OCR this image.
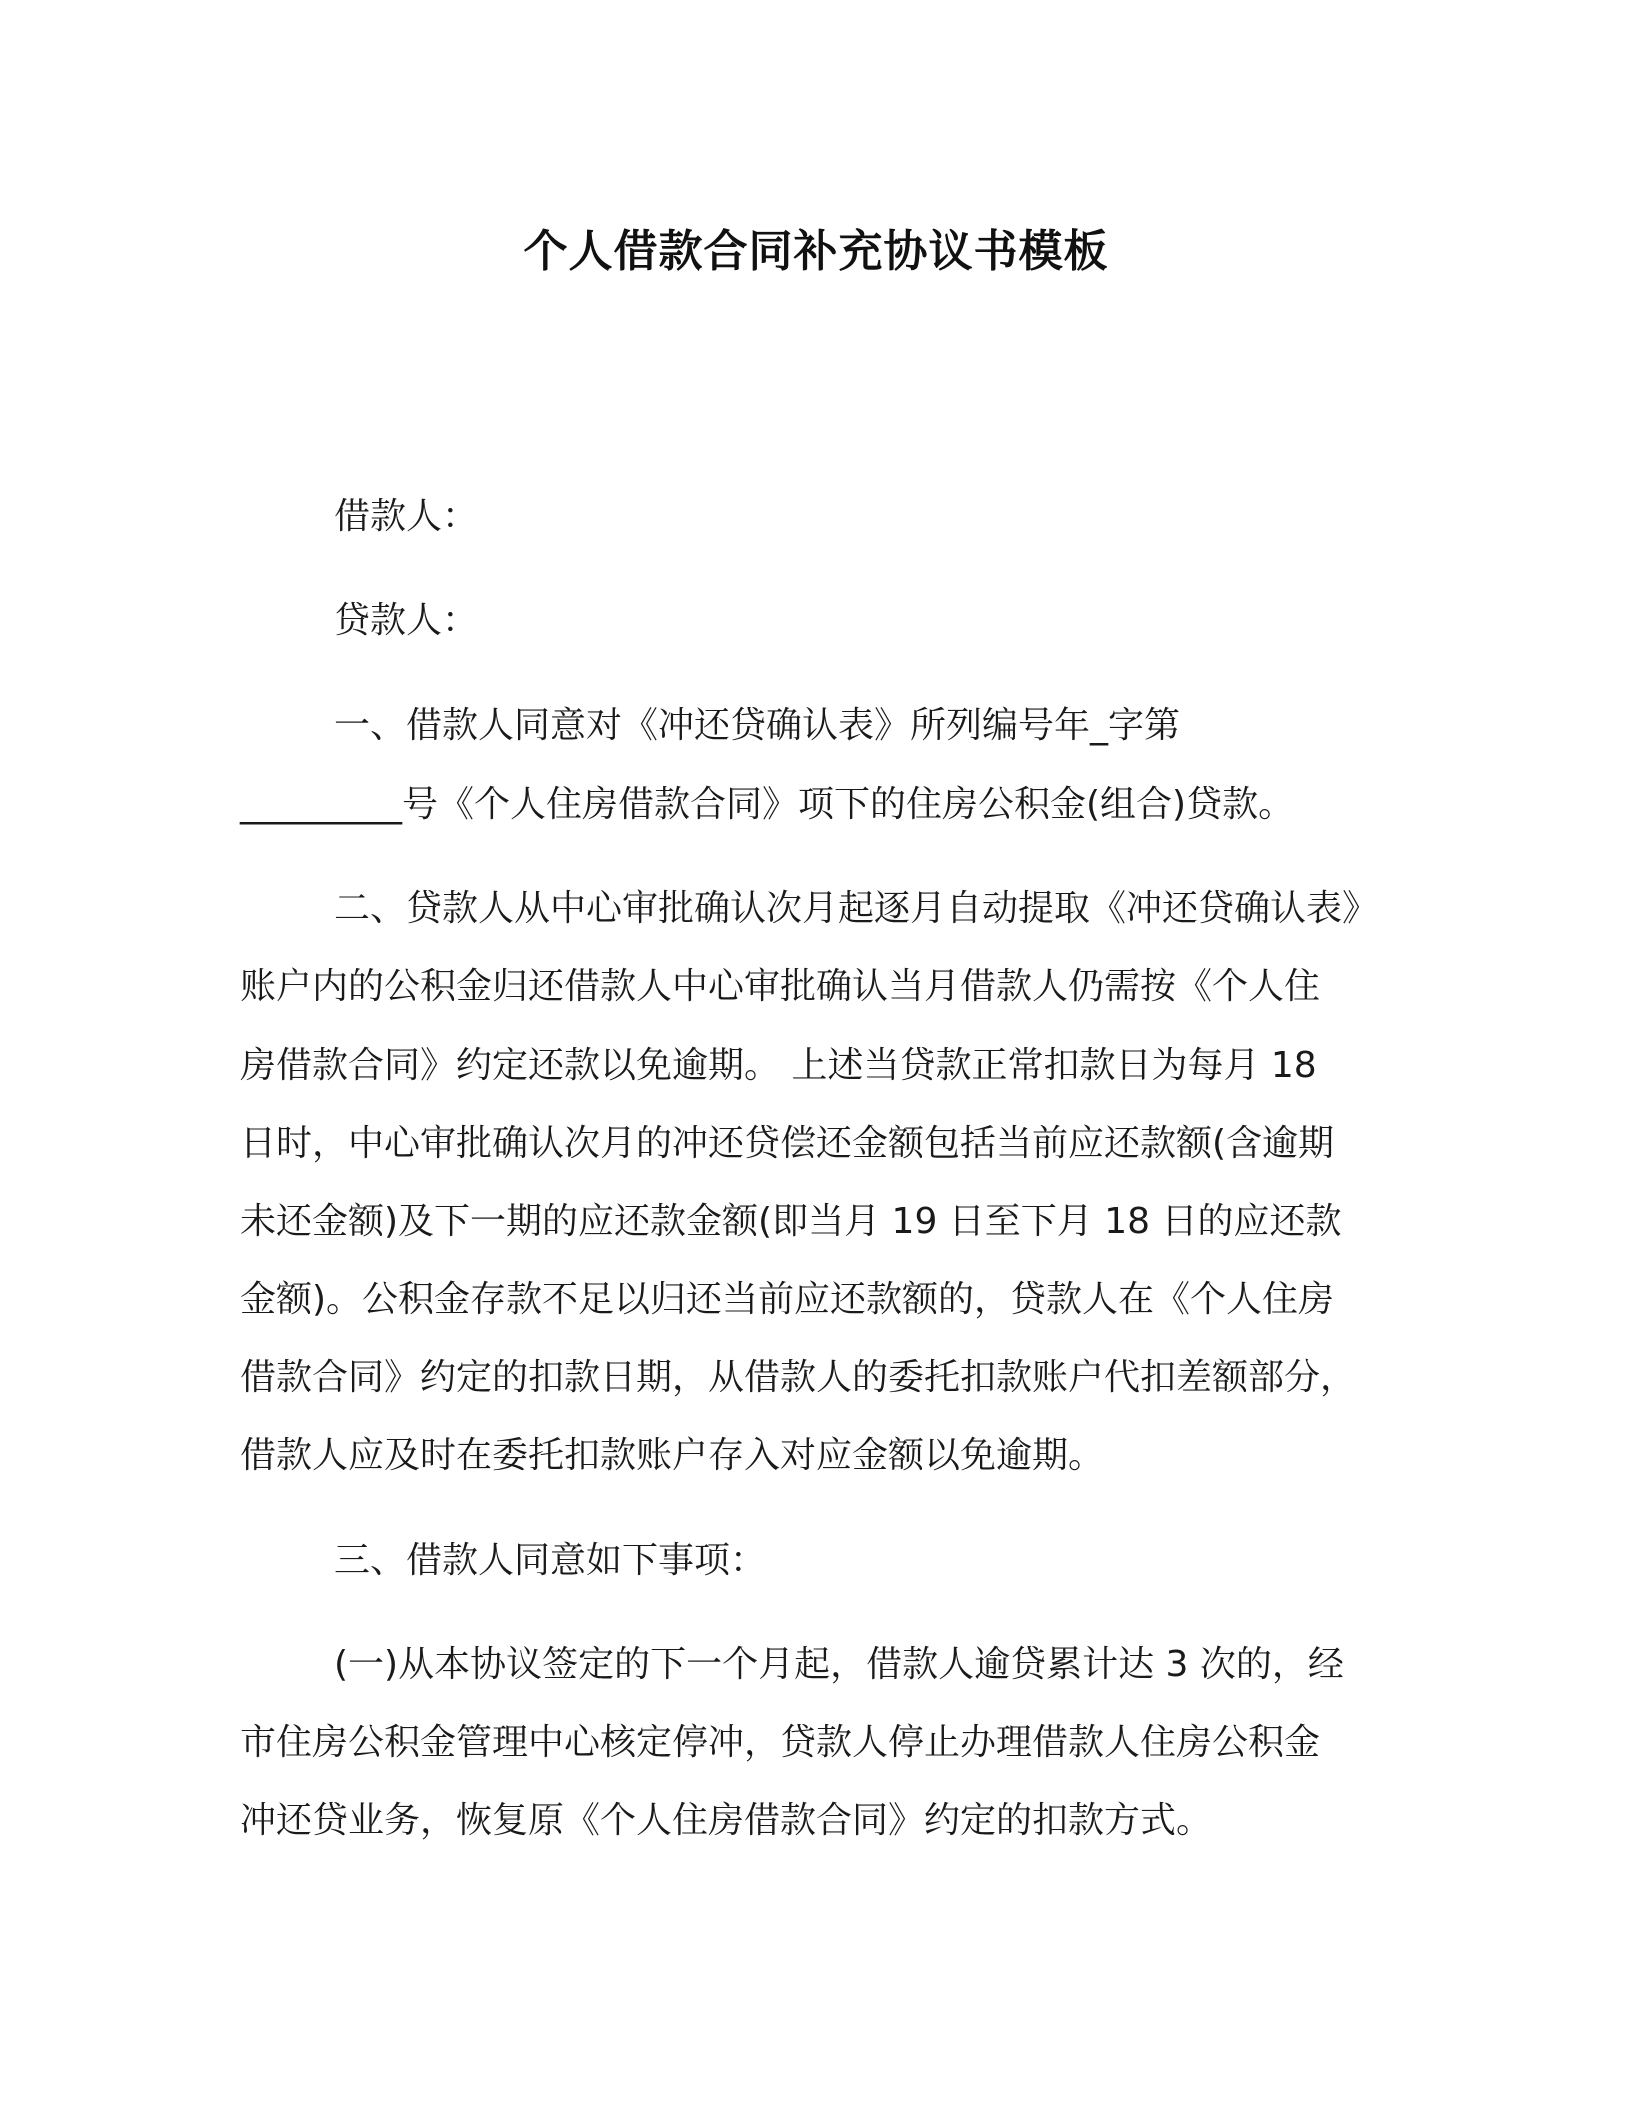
个人借款合同补充协议书模板
借款人：
贷款人：
一、借款人同意对《冲还贷确认表》所列编号年_字第
_________号《个人住房借款合同》项下的住房公积金(组合)贷款。
二、贷款人从中心审批确认次月起逐月自动提取《冲还贷确认表》
账户内的公积金归还借款人中心审批确认当月借款人仍需按《个人住
房借款合同》约定还款以免逾期。 上述当贷款正常扣款日为每月 18
日时，中心审批确认次月的冲还贷偿还金额包括当前应还款额(含逾期
未还金额)及下一期的应还款金额(即当月 19 日至下月 18 日的应还款
金额)。公积金存款不足以归还当前应还款额的，贷款人在《个人住房
借款合同》约定的扣款日期，从借款人的委托扣款账户代扣差额部分，
借款人应及时在委托扣款账户存入对应金额以免逾期。
三、借款人同意如下事项：
(一)从本协议签定的下一个月起，借款人逾贷累计达 3 次的，经
市住房公积金管理中心核定停冲，贷款人停止办理借款人住房公积金
冲还贷业务，恢复原《个人住房借款合同》约定的扣款方式。
